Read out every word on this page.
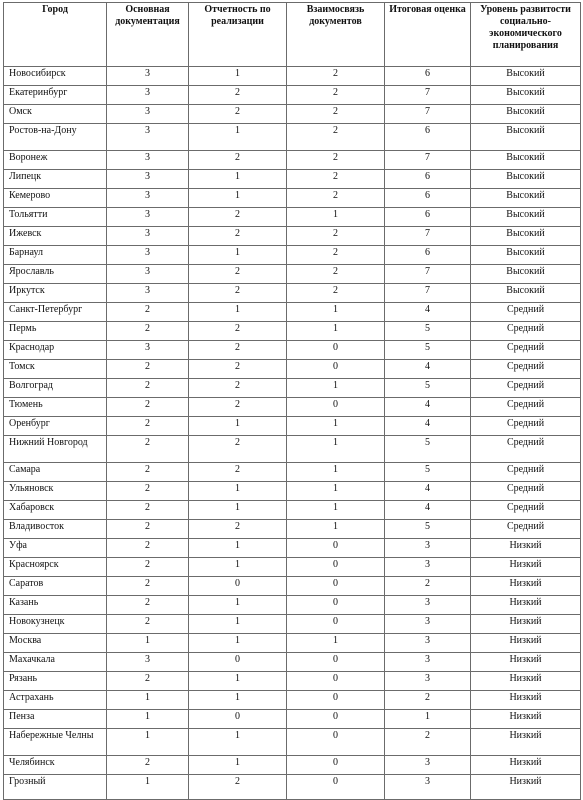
Город	Основная документация	Отчетность по реализации	Взаимосвязь документов	Итоговая оценка	Уровень развитости социально-экономического планирования
Новосибирск	3	1	2	6	Высокий
Екатеринбург	3	2	2	7	Высокий
Омск	3	2	2	7	Высокий
Ростов-на-Дону	3	1	2	6	Высокий
Воронеж	3	2	2	7	Высокий
Липецк	3	1	2	6	Высокий
Кемерово	3	1	2	6	Высокий
Тольятти	3	2	1	6	Высокий
Ижевск	3	2	2	7	Высокий
Барнаул	3	1	2	6	Высокий
Ярославль	3	2	2	7	Высокий
Иркутск	3	2	2	7	Высокий
Санкт-Петербург	2	1	1	4	Средний
Пермь	2	2	1	5	Средний
Краснодар	3	2	0	5	Средний
Томск	2	2	0	4	Средний
Волгоград	2	2	1	5	Средний
Тюмень	2	2	0	4	Средний
Оренбург	2	1	1	4	Средний
Нижний Новгород	2	2	1	5	Средний
Самара	2	2	1	5	Средний
Ульяновск	2	1	1	4	Средний
Хабаровск	2	1	1	4	Средний
Владивосток	2	2	1	5	Средний
Уфа	2	1	0	3	Низкий
Красноярск	2	1	0	3	Низкий
Саратов	2	0	0	2	Низкий
Казань	2	1	0	3	Низкий
Новокузнецк	2	1	0	3	Низкий
Москва	1	1	1	3	Низкий
Махачкала	3	0	0	3	Низкий
Рязань	2	1	0	3	Низкий
Астрахань	1	1	0	2	Низкий
Пенза	1	0	0	1	Низкий
Набережные Челны	1	1	0	2	Низкий
Челябинск	2	1	0	3	Низкий
Грозный	1	2	0	3	Низкий
